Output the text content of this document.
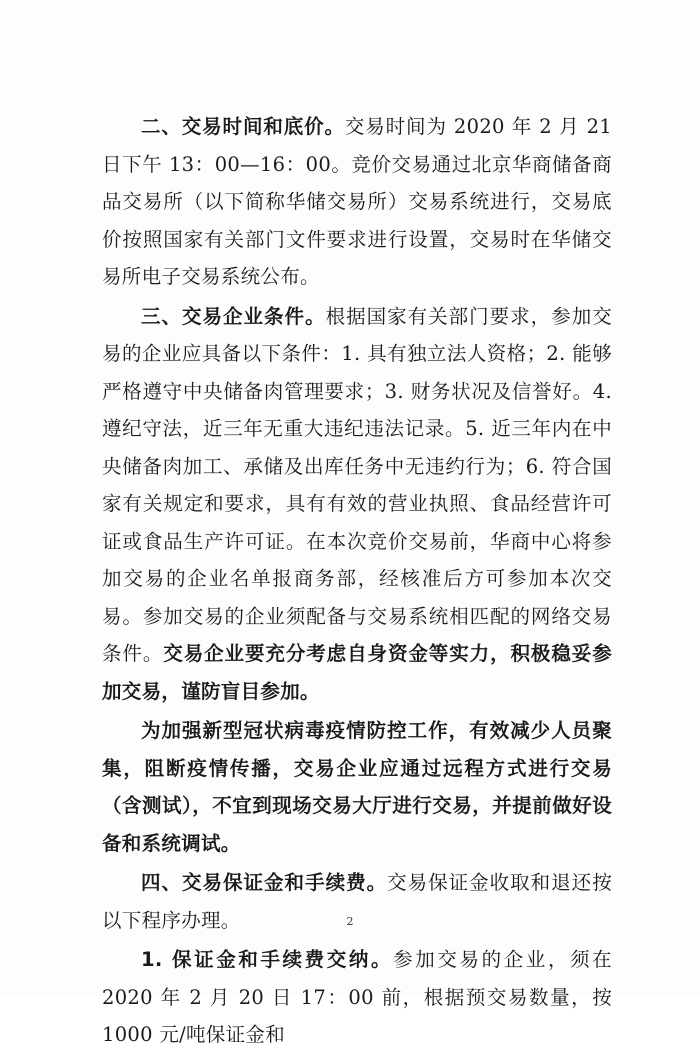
二、交易时间和底价。交易时间为 2020 年 2 月 21 日下午 13：00—16：00。竞价交易通过北京华商储备商品交易所（以下简称华储交易所）交易系统进行，交易底价按照国家有关部门文件要求进行设置，交易时在华储交易所电子交易系统公布。

三、交易企业条件。根据国家有关部门要求，参加交易的企业应具备以下条件：1. 具有独立法人资格；2. 能够严格遵守中央储备肉管理要求；3. 财务状况及信誉好。4. 遵纪守法，近三年无重大违纪违法记录。5. 近三年内在中央储备肉加工、承储及出库任务中无违约行为；6. 符合国家有关规定和要求，具有有效的营业执照、食品经营许可证或食品生产许可证。在本次竞价交易前，华商中心将参加交易的企业名单报商务部，经核准后方可参加本次交易。参加交易的企业须配备与交易系统相匹配的网络交易条件。交易企业要充分考虑自身资金等实力，积极稳妥参加交易，谨防盲目参加。

为加强新型冠状病毒疫情防控工作，有效减少人员聚集，阻断疫情传播，交易企业应通过远程方式进行交易（含测试），不宜到现场交易大厅进行交易，并提前做好设备和系统调试。

四、交易保证金和手续费。交易保证金收取和退还按以下程序办理。

1. 保证金和手续费交纳。参加交易的企业，须在 2020 年 2 月 20 日 17：00 前，根据预交易数量，按 1000 元/吨保证金和

2
